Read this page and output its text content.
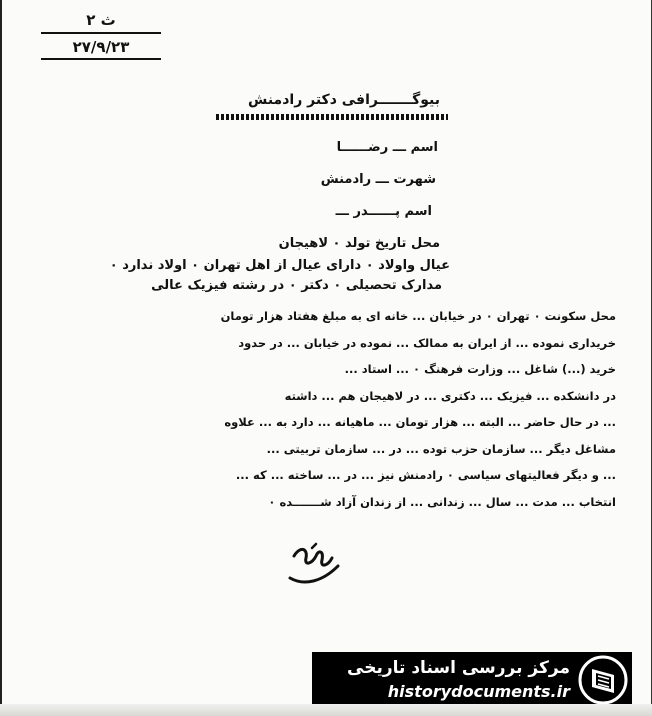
ث ۲ ۲۷/۹/۲۳
بیوگـــــــرافی دکتر رادمنش
اسم ـــ رضــــــا
شهرت ـــ رادمنش
اسم پــــــدر ـــ
محل تاریخ تولد ۰ لاهیجان
عیال واولاد ۰ دارای عیال از اهل تهران ۰ اولاد ندارد ۰
مدارک تحصیلی ۰ دکتر ۰ در رشته فیزیک عالی
محل سکونت ۰ تهران ۰ در خیابان ... خانه ای به مبلغ هفتاد هزار تومان
خریداری نموده ... از ایران به ممالک ... نموده در خیابان ... در حدود
خرید (...) شاغل ... وزارت فرهنگ ۰ ... استاد ...
در دانشکده ... فیزیک ... دکتری ... در لاهیجان هم ... داشته
... در حال حاضر ... البته ... هزار تومان ... ماهیانه ... دارد به ... علاوه
مشاغل دیگر ... سازمان حزب توده ... در ... سازمان تربیتی ...
... و دیگر فعالیتهای سیاسی ۰ رادمنش نیز ... در ... ساخته ... که ...
انتخاب ... مدت ... سال ... زندانی ... از زندان آزاد شـــــــده ۰
مرکز بررسی اسناد تاریخی
historydocuments.ir
